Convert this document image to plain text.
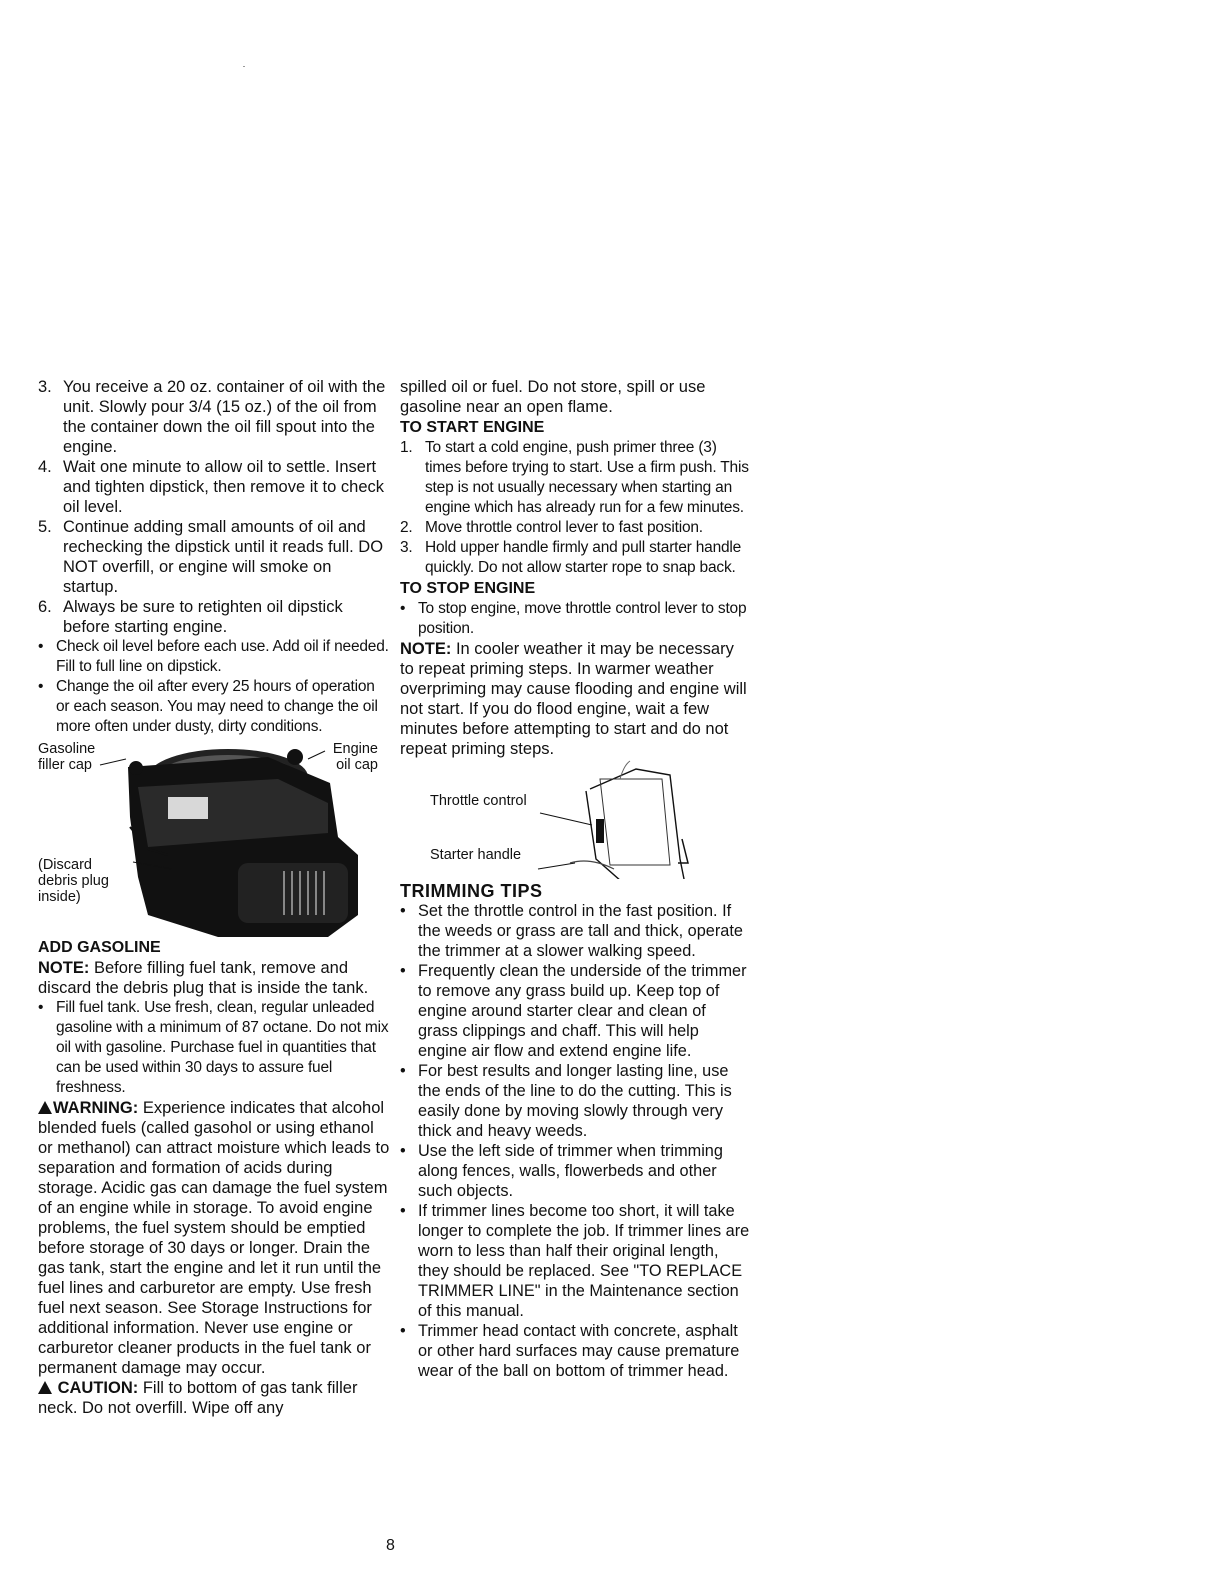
3. You receive a 20 oz. container of oil with the unit. Slowly pour 3/4 (15 oz.) of the oil from the container down the oil fill spout into the engine.

4. Wait one minute to allow oil to settle. Insert and tighten dipstick, then remove it to check oil level.

5. Continue adding small amounts of oil and rechecking the dipstick until it reads full. DO NOT overfill, or engine will smoke on startup.

6. Always be sure to retighten oil dipstick before starting engine.

• Check oil level before each use. Add oil if needed. Fill to full line on dipstick.

• Change the oil after every 25 hours of operation or each season. You may need to change the oil more often under dusty, dirty conditions.

Gasoline filler cap
Engine oil cap
(Discard debris plug inside)

ADD GASOLINE

NOTE: Before filling fuel tank, remove and discard the debris plug that is inside the tank.

• Fill fuel tank. Use fresh, clean, regular unleaded gasoline with a minimum of 87 octane. Do not mix oil with gasoline. Purchase fuel in quantities that can be used within 30 days to assure fuel freshness.

WARNING: Experience indicates that alcohol blended fuels (called gasohol or using ethanol or methanol) can attract moisture which leads to separation and formation of acids during storage. Acidic gas can damage the fuel system of an engine while in storage. To avoid engine problems, the fuel system should be emptied before storage of 30 days or longer. Drain the gas tank, start the engine and let it run until the fuel lines and carburetor are empty. Use fresh fuel next season. See Storage Instructions for additional information. Never use engine or carburetor cleaner products in the fuel tank or permanent damage may occur.

CAUTION: Fill to bottom of gas tank filler neck. Do not overfill. Wipe off any

spilled oil or fuel. Do not store, spill or use gasoline near an open flame.

TO START ENGINE

1. To start a cold engine, push primer three (3) times before trying to start. Use a firm push. This step is not usually necessary when starting an engine which has already run for a few minutes.

2. Move throttle control lever to fast position.

3. Hold upper handle firmly and pull starter handle quickly. Do not allow starter rope to snap back.

TO STOP ENGINE

• To stop engine, move throttle control lever to stop position.

NOTE: In cooler weather it may be necessary to repeat priming steps. In warmer weather overpriming may cause flooding and engine will not start. If you do flood engine, wait a few minutes before attempting to start and do not repeat priming steps.

Throttle control
Starter handle

TRIMMING TIPS

• Set the throttle control in the fast position. If the weeds or grass are tall and thick, operate the trimmer at a slower walking speed.

• Frequently clean the underside of the trimmer to remove any grass build up. Keep top of engine around starter clear and clean of grass clippings and chaff. This will help engine air flow and extend engine life.

• For best results and longer lasting line, use the ends of the line to do the cutting. This is easily done by moving slowly through very thick and heavy weeds.

• Use the left side of trimmer when trimming along fences, walls, flowerbeds and other such objects.

• If trimmer lines become too short, it will take longer to complete the job. If trimmer lines are worn to less than half their original length, they should be replaced. See "TO REPLACE TRIMMER LINE" in the Maintenance section of this manual.

• Trimmer head contact with concrete, asphalt or other hard surfaces may cause premature wear of the ball on bottom of trimmer head.

8
